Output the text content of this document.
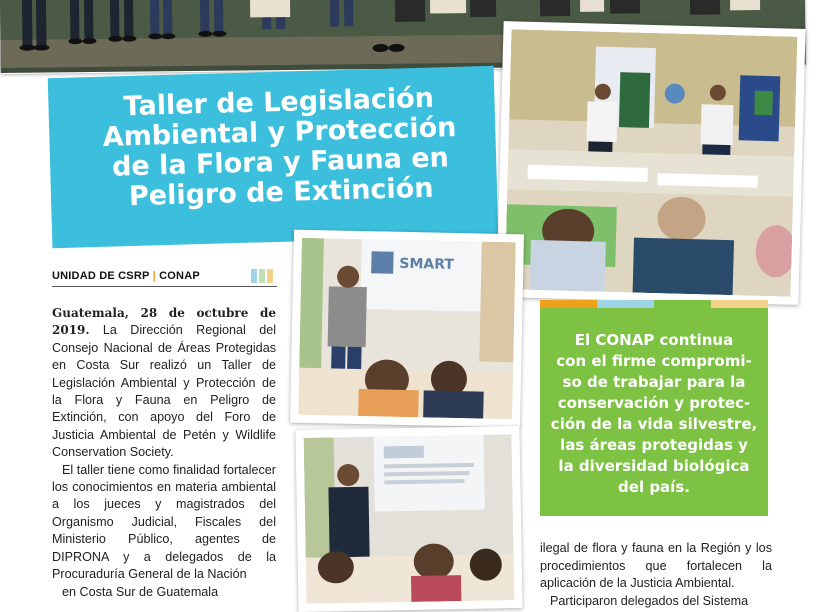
Taller de Legislación
Ambiental y Protección
de la Flora y Fauna en
Peligro de Extinción
SMART
UNIDAD DE CSRP | CONAP

Guatemala, 28 de octubre de 2019. La Dirección Regional del Consejo Nacional de Áreas Protegidas en Costa Sur realizó un Taller de Legislación Ambiental y Protección de la Flora y Fauna en Peligro de Extinción, con apoyo del Foro de Justicia Ambiental de Petén y Wildlife Conservation Society.

El taller tiene como finalidad fortalecer los conocimientos en materia ambiental a los jueces y magistrados del Organismo Judicial, Fiscales del Ministerio Público, agentes de DIPRONA y a delegados de la Procuraduría General de la Nación

en Costa Sur de Guatemala

El CONAP continua
con el firme compromi-
so de trabajar para la
conservación y protec-
ción de la vida silvestre,
las áreas protegidas y
la diversidad biológica
del país.

ilegal de flora y fauna en la Región y los procedimientos que fortalecen la aplicación de la Justicia Ambiental.

Participaron delegados del Sistema
